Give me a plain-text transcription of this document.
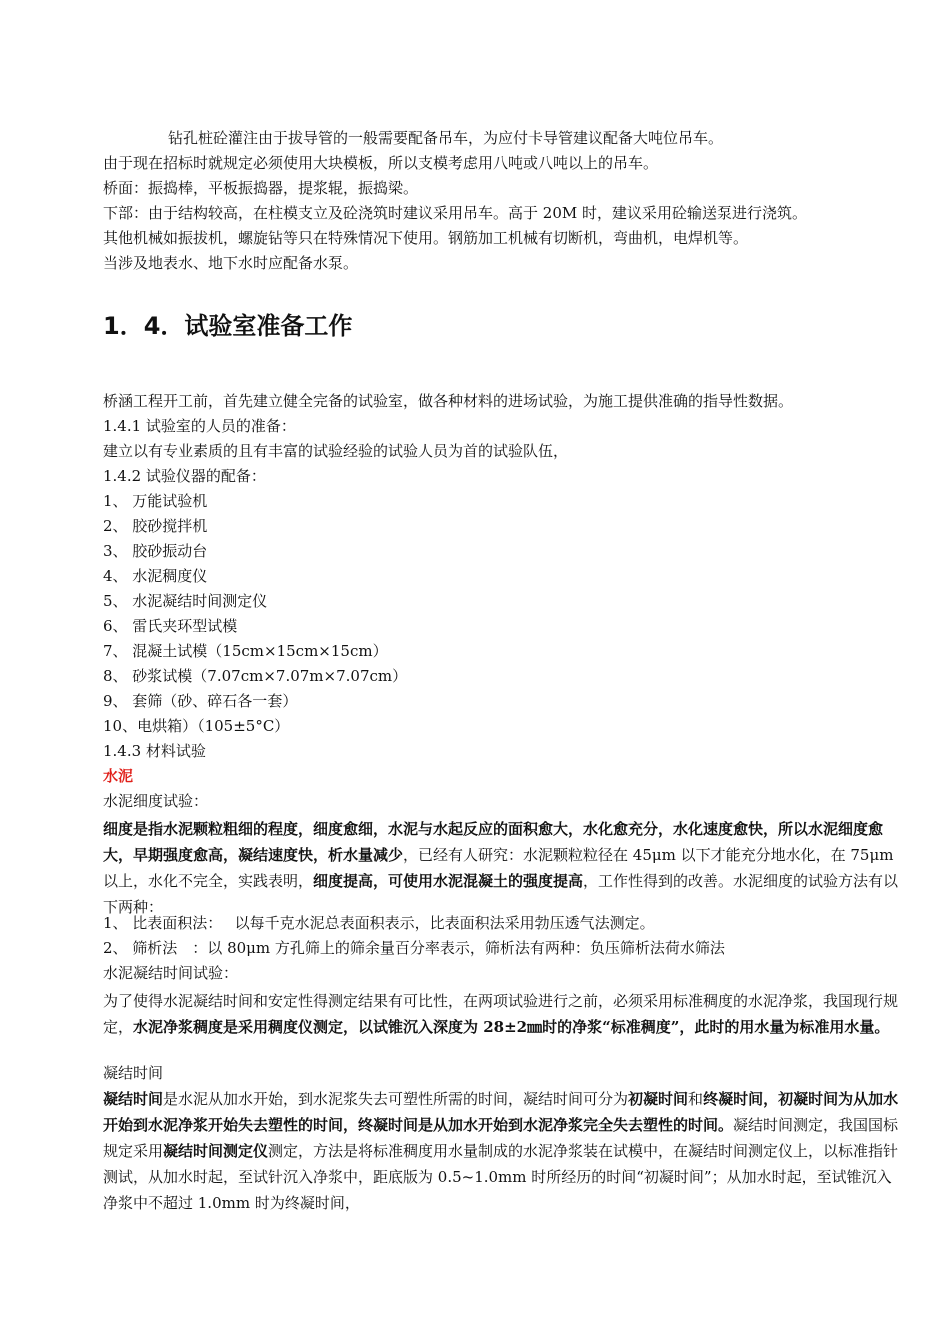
钻孔桩砼灌注由于拔导管的一般需要配备吊车，为应付卡导管建议配备大吨位吊车。
由于现在招标时就规定必须使用大块模板，所以支模考虑用八吨或八吨以上的吊车。
桥面：振捣棒，平板振捣器，提浆辊，振捣梁。
下部：由于结构较高，在柱模支立及砼浇筑时建议采用吊车。高于 20M 时，建议采用砼输送泵进行浇筑。
其他机械如振拔机，螺旋钻等只在特殊情况下使用。钢筋加工机械有切断机，弯曲机，电焊机等。
当涉及地表水、地下水时应配备水泵。
1．4．试验室准备工作
桥涵工程开工前，首先建立健全完备的试验室，做各种材料的进场试验，为施工提供准确的指导性数据。
1.4.1 试验室的人员的准备：
建立以有专业素质的且有丰富的试验经验的试验人员为首的试验队伍，
1.4.2 试验仪器的配备：
1、 万能试验机
2、 胶砂搅拌机
3、 胶砂振动台
4、 水泥稠度仪
5、 水泥凝结时间测定仪
6、 雷氏夹环型试模
7、 混凝土试模（15cm×15cm×15cm）
8、 砂浆试模（7.07cm×7.07m×7.07cm）
9、 套筛（砂、碎石各一套）
10、电烘箱）（105±5°C）
1.4.3 材料试验
水泥
水泥细度试验：
细度是指水泥颗粒粗细的程度，细度愈细，水泥与水起反应的面积愈大，水化愈充分，水化速度愈快，所以水泥细度愈大，早期强度愈高，凝结速度快，析水量减少，已经有人研究：水泥颗粒粒径在 45μm 以下才能充分地水化，在 75μm 以上，水化不完全，实践表明，细度提高，可使用水泥混凝土的强度提高，工作性得到的改善。水泥细度的试验方法有以下两种：
1、 比表面积法：　 以每千克水泥总表面积表示，比表面积法采用勃压透气法测定。
2、 筛析法　：以 80μm 方孔筛上的筛余量百分率表示，筛析法有两种：负压筛析法荷水筛法
水泥凝结时间试验：
为了使得水泥凝结时间和安定性得测定结果有可比性，在两项试验进行之前，必须采用标准稠度的水泥净浆，我国现行规定，水泥净浆稠度是采用稠度仪测定，以试锥沉入深度为 28±2㎜时的净浆“标准稠度”，此时的用水量为标准用水量。
凝结时间
凝结时间是水泥从加水开始，到水泥浆失去可塑性所需的时间，凝结时间可分为初凝时间和终凝时间，初凝时间为从加水开始到水泥净浆开始失去塑性的时间，终凝时间是从加水开始到水泥净浆完全失去塑性的时间。凝结时间测定，我国国标规定采用凝结时间测定仪测定，方法是将标准稠度用水量制成的水泥净浆装在试模中，在凝结时间测定仪上，以标准指针测试，从加水时起，至试针沉入净浆中，距底版为 0.5~1.0mm 时所经历的时间“初凝时间”；从加水时起，至试锥沉入净浆中不超过 1.0mm 时为终凝时间，
